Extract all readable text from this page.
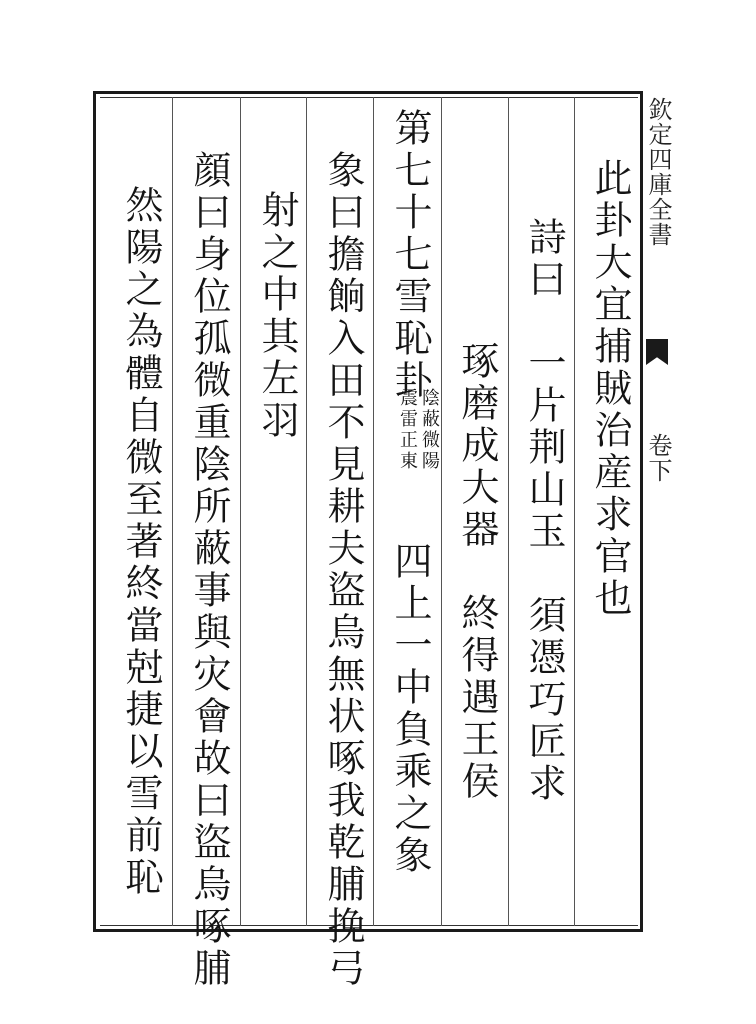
欽定四庫全書
卷下
此卦大宜捕賊治産求官也
詩曰　一片荆山玉　須憑巧匠求
琢磨成大器　終得遇王侯
第七十七雪恥卦
陰蔽微陽
震雷正東
四上一中負乘之象
象曰擔餉入田不見耕夫盜烏無状啄我乾脯挽弓
射之中其左羽
顔曰身位孤微重陰所蔽事與灾會故曰盜烏啄脯
然陽之為體自微至著終當尅捷以雪前恥
